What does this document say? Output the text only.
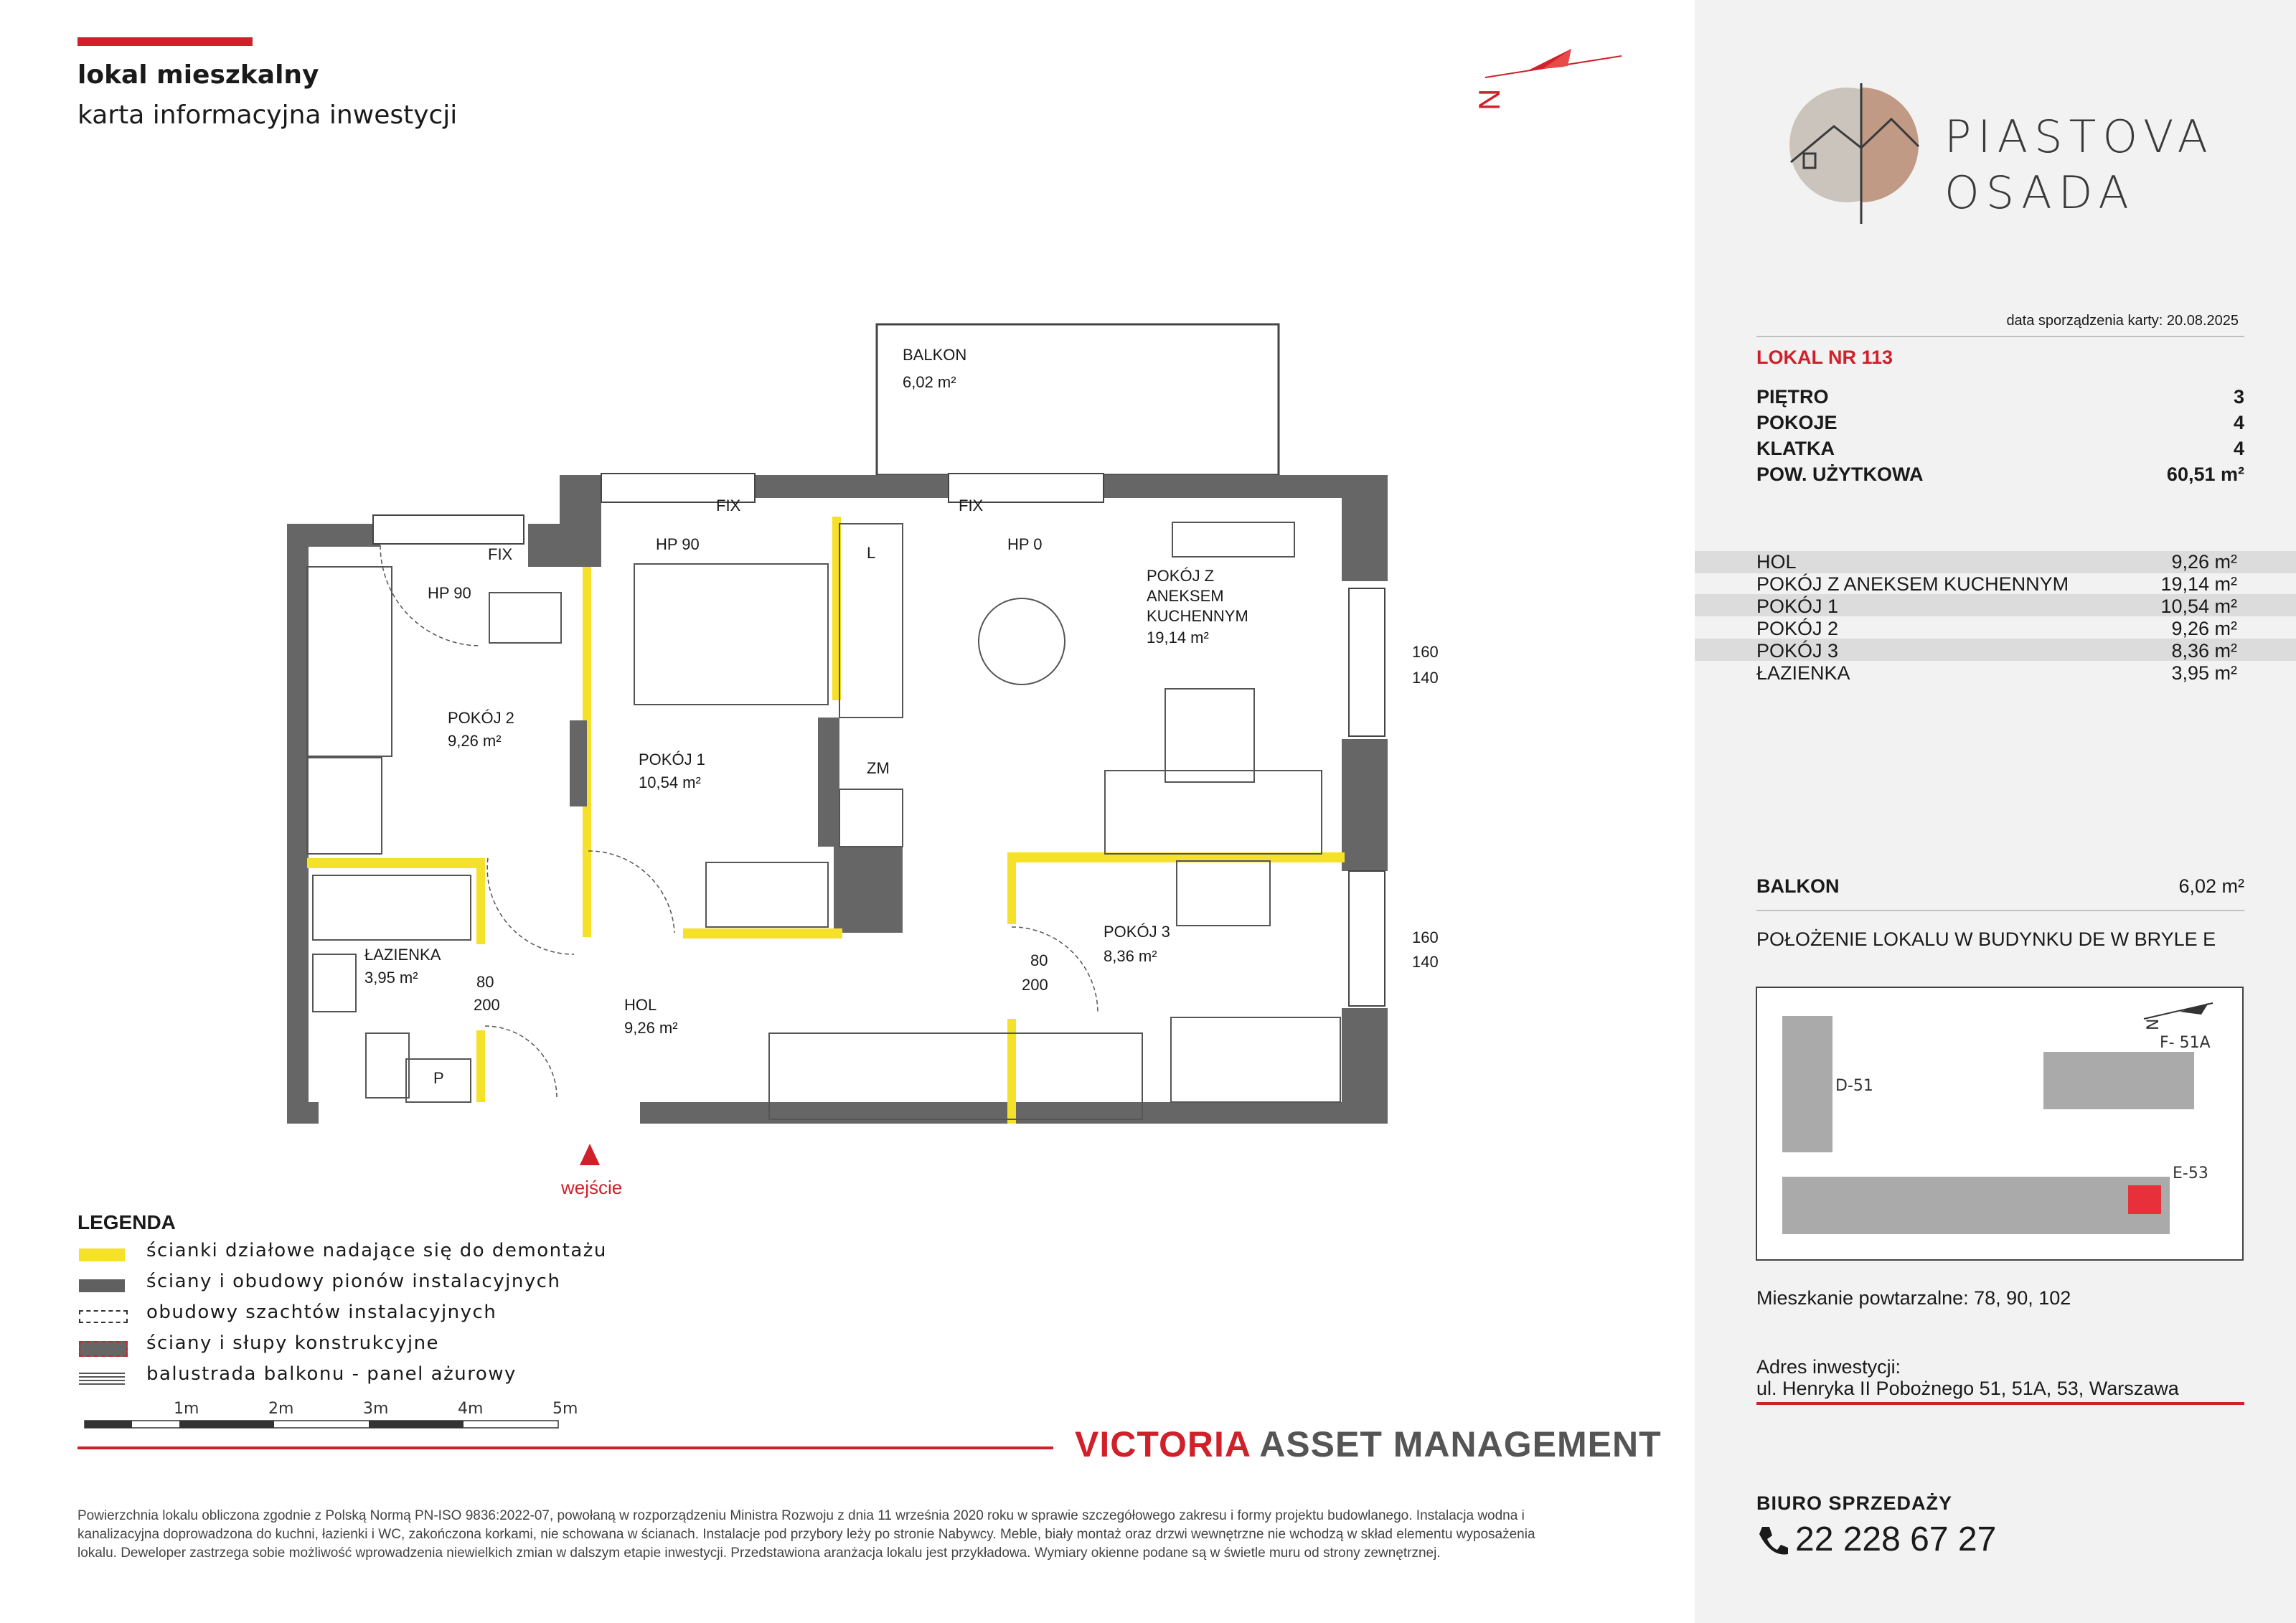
lokal mieszkalny
karta informacyjna inwestycji
N
BALKON
6,02 m²
POKÓJ Z
ANEKSEM
KUCHENNYM
19,14 m²
POKÓJ 1
10,54 m²
POKÓJ 2
9,26 m²
POKÓJ 3
8,36 m²
ŁAZIENKA
3,95 m²
HOL
9,26 m²
HP 90
HP 90	HP 0
FIX
FIX	FIX
L
ZM
P
160
140
160
140
80
200
80
200
wejście
LEGENDA
ścianki działowe nadające się do demontażu
ściany i obudowy pionów instalacyjnych
obudowy szachtów instalacyjnych
ściany i słupy konstrukcyjne
balustrada balkonu - panel ażurowy
1m	2m	3m	4m	5m
VICTORIA ASSET MANAGEMENT
Powierzchnia lokalu obliczona zgodnie z Polską Normą PN-ISO 9836:2022-07, powołaną w rozporządzeniu Ministra Rozwoju z dnia 11 września 2020 roku w sprawie szczegółowego zakresu i formy projektu budowlanego. Instalacja wodna i kanalizacyjna doprowadzona do kuchni, łazienki i WC, zakończona korkami, nie schowana w ścianach. Instalacje pod przybory leży po stronie Nabywcy. Meble, biały montaż oraz drzwi wewnętrzne nie wchodzą w skład elementu wyposażenia lokalu. Deweloper zastrzega sobie możliwość wprowadzenia niewielkich zmian w dalszym etapie inwestycji. Przedstawiona aranżacja lokalu jest przykładowa. Wymiary okienne podane są w świetle muru od strony zewnętrznej.
PIASTOVA
OSADA
data sporządzenia karty: 20.08.2025
LOKAL NR 113
PIĘTRO	3
POKOJE	4
KLATKA	4
POW. UŻYTKOWA	60,51 m²
HOL	9,26 m²
POKÓJ Z ANEKSEM KUCHENNYM	19,14 m²
POKÓJ 1	10,54 m²
POKÓJ 2	9,26 m²
POKÓJ 3	8,36 m²
ŁAZIENKA	3,95 m²
BALKON	6,02 m²
POŁOŻENIE LOKALU W BUDYNKU DE W BRYLE E
D-51
F- 51A
E-53
N
Mieszkanie powtarzalne: 78, 90, 102
Adres inwestycji:
ul. Henryka II Pobożnego 51, 51A, 53, Warszawa
BIURO SPRZEDAŻY
22 228 67 27
